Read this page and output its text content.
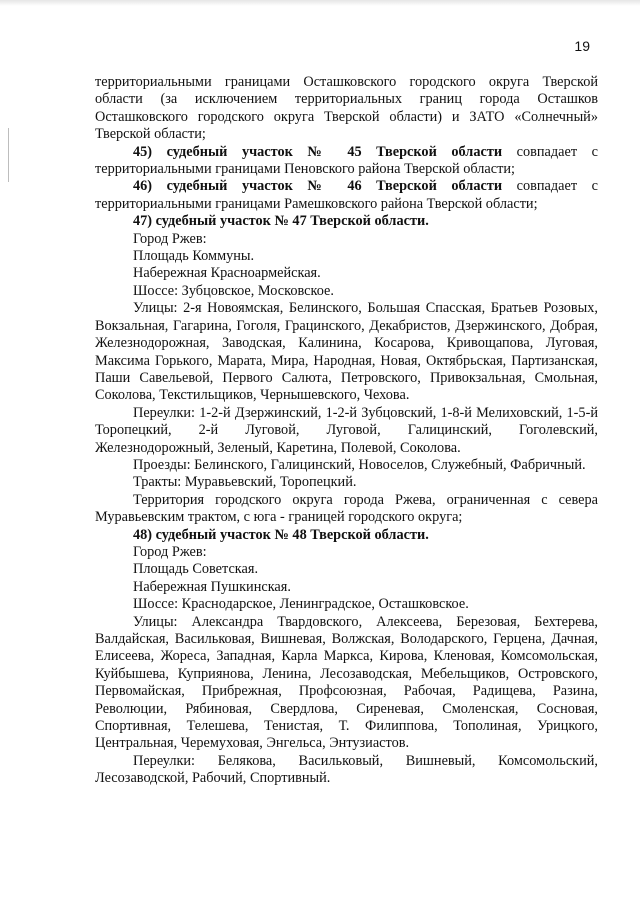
19

территориальными границами Осташковского городского округа Тверской области (за исключением территориальных границ города Осташков Осташковского городского округа Тверской области) и ЗАТО «Солнечный» Тверской области;

45) судебный участок № 45 Тверской области совпадает с территориальными границами Пеновского района Тверской области;

46) судебный участок № 46 Тверской области совпадает с территориальными границами Рамешковского района Тверской области;

47) судебный участок № 47 Тверской области.

Город Ржев:

Площадь Коммуны.

Набережная Красноармейская.

Шоссе: Зубцовское, Московское.

Улицы: 2-я Новоямская, Белинского, Большая Спасская, Братьев Розовых, Вокзальная, Гагарина, Гоголя, Грацинского, Декабристов, Дзержинского, Добрая, Железнодорожная, Заводская, Калинина, Косарова, Кривощапова, Луговая, Максима Горького, Марата, Мира, Народная, Новая, Октябрьская, Партизанская, Паши Савельевой, Первого Салюта, Петровского, Привокзальная, Смольная, Соколова, Текстильщиков, Чернышевского, Чехова.

Переулки: 1-2-й Дзержинский, 1-2-й Зубцовский, 1-8-й Мелиховский, 1-5-й Торопецкий, 2-й Луговой, Луговой, Галицинский, Гоголевский, Железнодорожный, Зеленый, Каретина, Полевой, Соколова.

Проезды: Белинского, Галицинский, Новоселов, Служебный, Фабричный.

Тракты: Муравьевский, Торопецкий.

Территория городского округа города Ржева, ограниченная с севера Муравьевским трактом, с юга - границей городского округа;

48) судебный участок № 48 Тверской области.

Город Ржев:

Площадь Советская.

Набережная Пушкинская.

Шоссе: Краснодарское, Ленинградское, Осташковское.

Улицы: Александра Твардовского, Алексеева, Березовая, Бехтерева, Валдайская, Васильковая, Вишневая, Волжская, Володарского, Герцена, Дачная, Елисеева, Жореса, Западная, Карла Маркса, Кирова, Кленовая, Комсомольская, Куйбышева, Куприянова, Ленина, Лесозаводская, Мебельщиков, Островского, Первомайская, Прибрежная, Профсоюзная, Рабочая, Радищева, Разина, Революции, Рябиновая, Свердлова, Сиреневая, Смоленская, Сосновая, Спортивная, Телешева, Тенистая, Т. Филиппова, Тополиная, Урицкого, Центральная, Черемуховая, Энгельса, Энтузиастов.

Переулки: Белякова, Васильковый, Вишневый, Комсомольский, Лесозаводской, Рабочий, Спортивный.
